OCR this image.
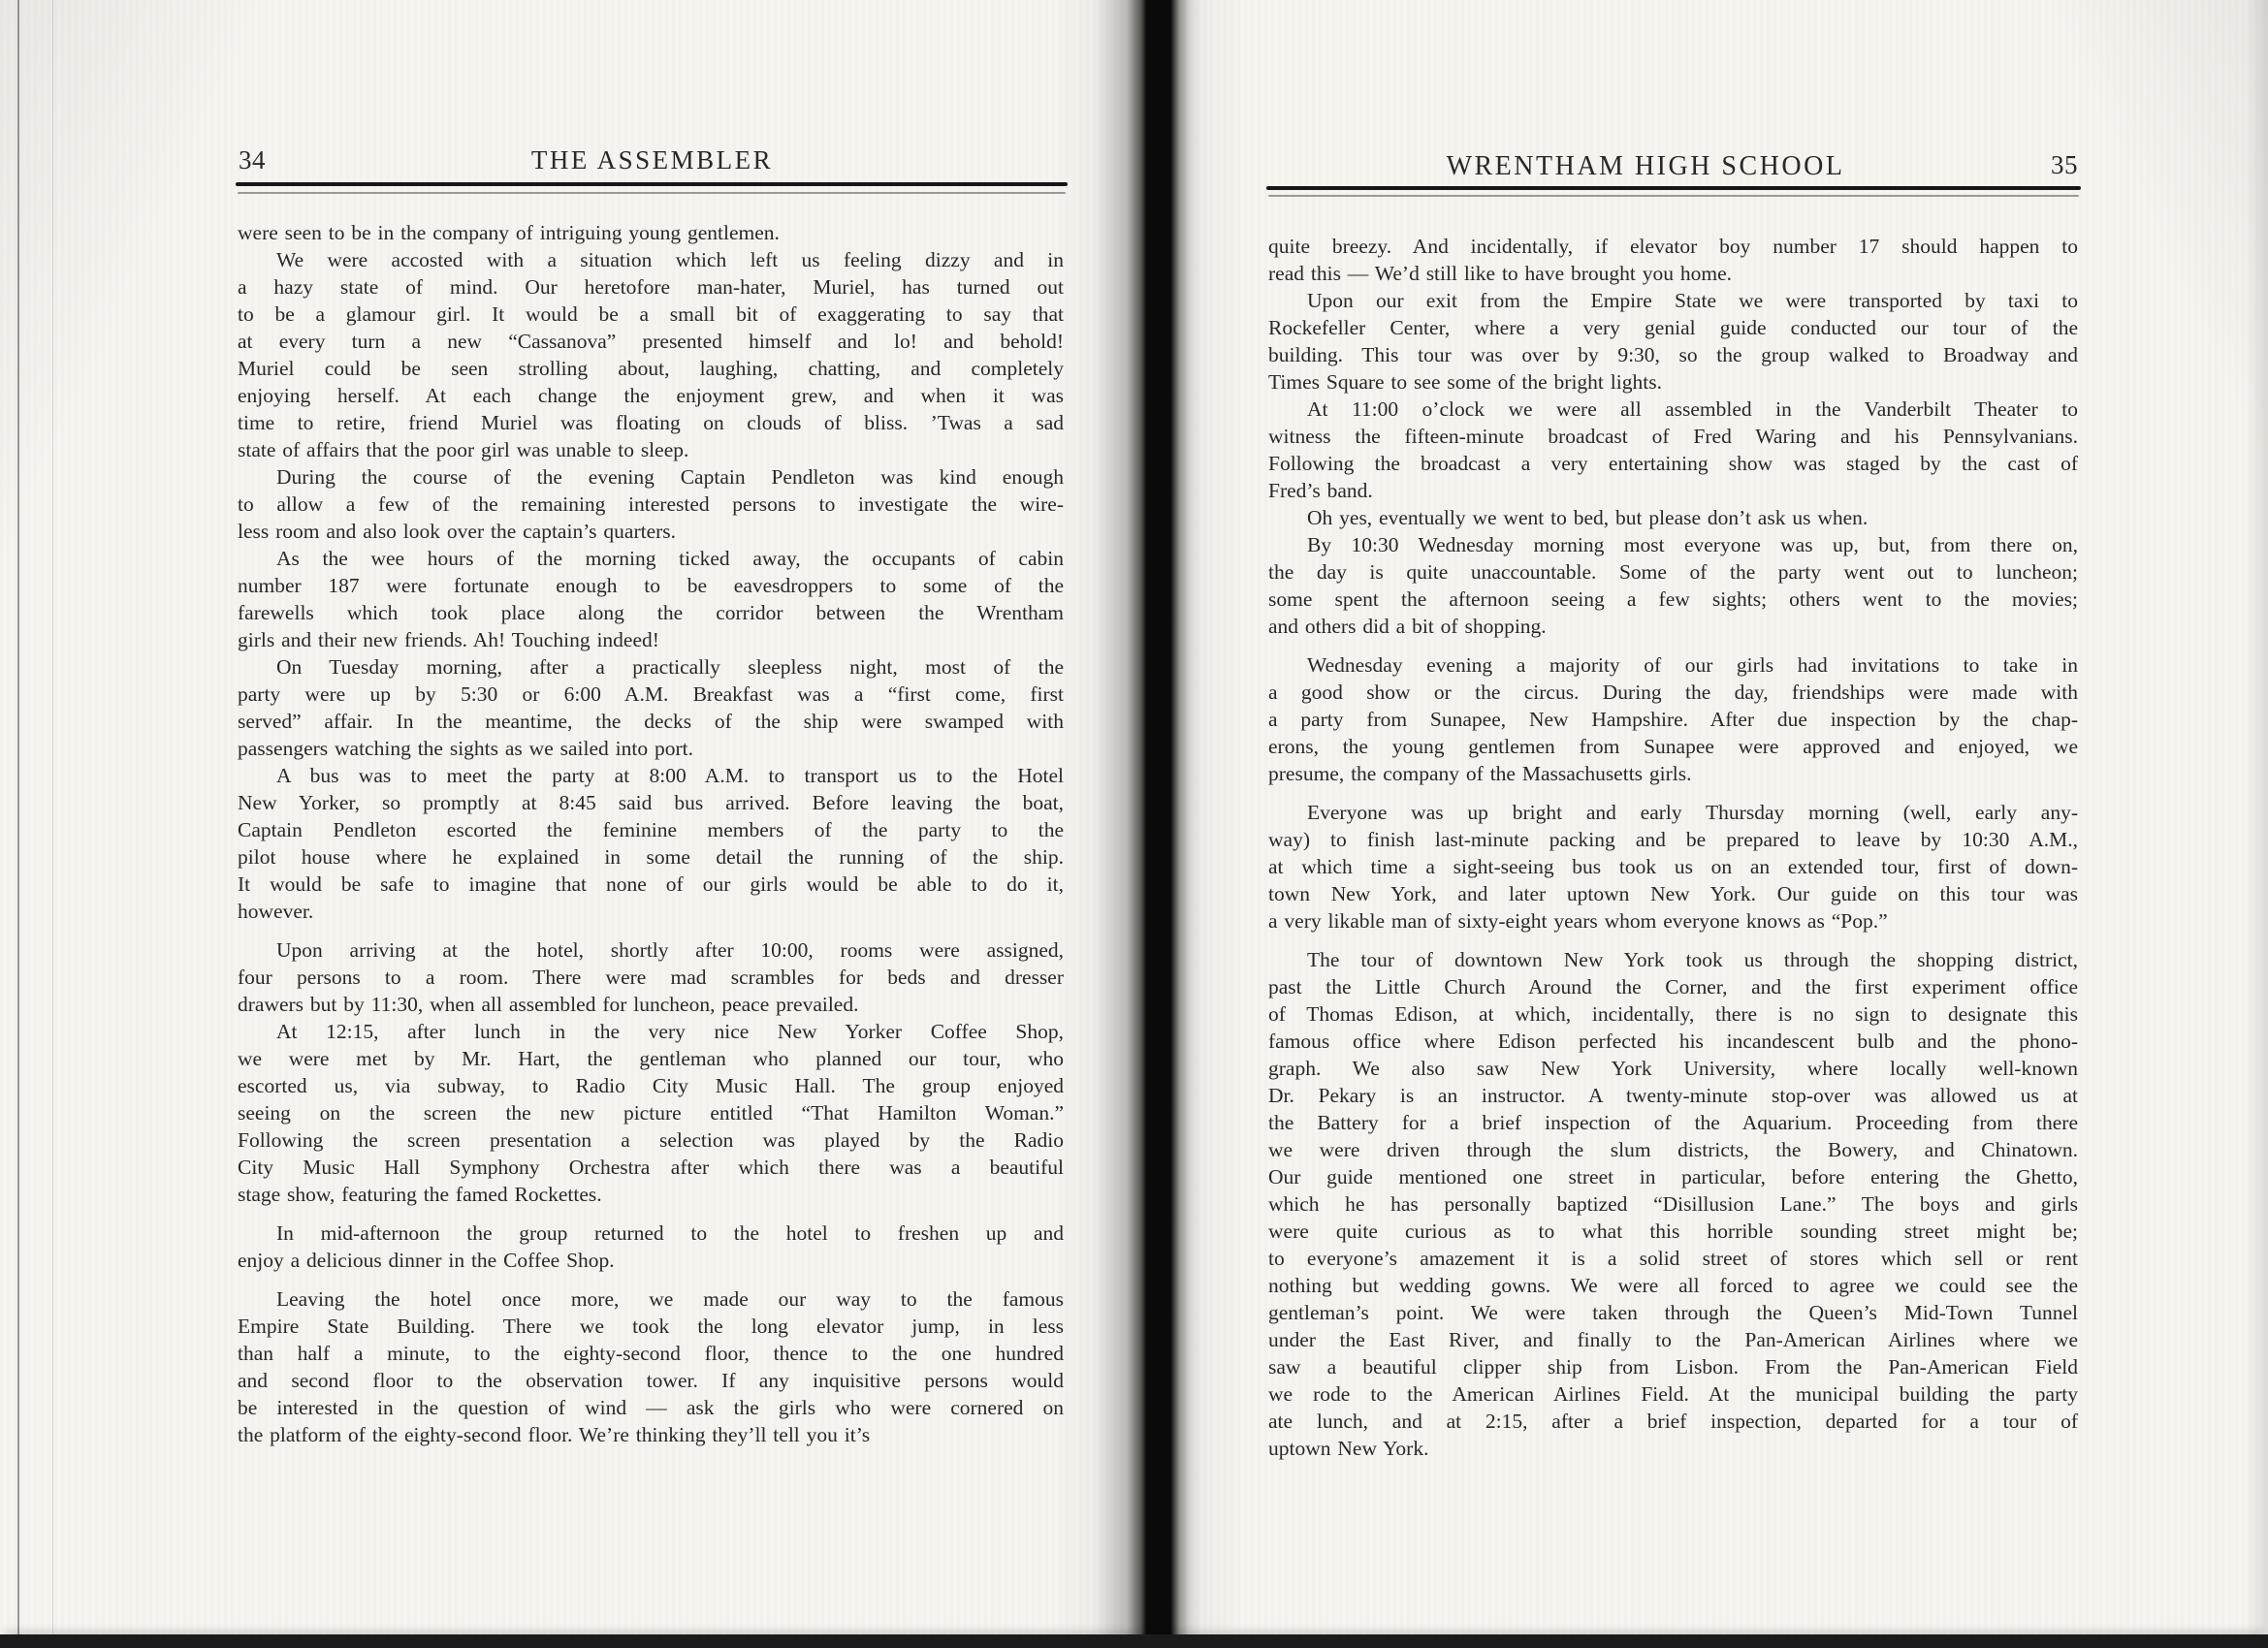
34	THE ASSEMBLER
were seen to be in the company of intriguing young gentlemen.
We were accosted with a situation which left us feeling dizzy and in
a hazy state of mind. Our heretofore man-hater, Muriel, has turned out
to be a glamour girl. It would be a small bit of exaggerating to say that
at every turn a new “Cassanova” presented himself and lo! and behold!
Muriel could be seen strolling about, laughing, chatting, and completely
enjoying herself. At each change the enjoyment grew, and when it was
time to retire, friend Muriel was floating on clouds of bliss. ’Twas a sad
state of affairs that the poor girl was unable to sleep.
During the course of the evening Captain Pendleton was kind enough
to allow a few of the remaining interested persons to investigate the wire-
less room and also look over the captain’s quarters.
As the wee hours of the morning ticked away, the occupants of cabin
number 187 were fortunate enough to be eavesdroppers to some of the
farewells which took place along the corridor between the Wrentham
girls and their new friends. Ah! Touching indeed!
On Tuesday morning, after a practically sleepless night, most of the
party were up by 5:30 or 6:00 A.M. Breakfast was a “first come, first
served” affair. In the meantime, the decks of the ship were swamped with
passengers watching the sights as we sailed into port.
A bus was to meet the party at 8:00 A.M. to transport us to the Hotel
New Yorker, so promptly at 8:45 said bus arrived. Before leaving the boat,
Captain Pendleton escorted the feminine members of the party to the
pilot house where he explained in some detail the running of the ship.
It would be safe to imagine that none of our girls would be able to do it,
however.
Upon arriving at the hotel, shortly after 10:00, rooms were assigned,
four persons to a room. There were mad scrambles for beds and dresser
drawers but by 11:30, when all assembled for luncheon, peace prevailed.
At 12:15, after lunch in the very nice New Yorker Coffee Shop,
we were met by Mr. Hart, the gentleman who planned our tour, who
escorted us, via subway, to Radio City Music Hall. The group enjoyed
seeing on the screen the new picture entitled “That Hamilton Woman.”
Following the screen presentation a selection was played by the Radio
City Music Hall Symphony Orchestra after which there was a beautiful
stage show, featuring the famed Rockettes.
In mid-afternoon the group returned to the hotel to freshen up and
enjoy a delicious dinner in the Coffee Shop.
Leaving the hotel once more, we made our way to the famous
Empire State Building. There we took the long elevator jump, in less
than half a minute, to the eighty-second floor, thence to the one hundred
and second floor to the observation tower. If any inquisitive persons would
be interested in the question of wind — ask the girls who were cornered on
the platform of the eighty-second floor. We’re thinking they’ll tell you it’s
WRENTHAM HIGH SCHOOL	35
quite breezy. And incidentally, if elevator boy number 17 should happen to
read this — We’d still like to have brought you home.
Upon our exit from the Empire State we were transported by taxi to
Rockefeller Center, where a very genial guide conducted our tour of the
building. This tour was over by 9:30, so the group walked to Broadway and
Times Square to see some of the bright lights.
At 11:00 o’clock we were all assembled in the Vanderbilt Theater to
witness the fifteen-minute broadcast of Fred Waring and his Pennsylvanians.
Following the broadcast a very entertaining show was staged by the cast of
Fred’s band.
Oh yes, eventually we went to bed, but please don’t ask us when.
By 10:30 Wednesday morning most everyone was up, but, from there on,
the day is quite unaccountable. Some of the party went out to luncheon;
some spent the afternoon seeing a few sights; others went to the movies;
and others did a bit of shopping.
Wednesday evening a majority of our girls had invitations to take in
a good show or the circus. During the day, friendships were made with
a party from Sunapee, New Hampshire. After due inspection by the chap-
erons, the young gentlemen from Sunapee were approved and enjoyed, we
presume, the company of the Massachusetts girls.
Everyone was up bright and early Thursday morning (well, early any-
way) to finish last-minute packing and be prepared to leave by 10:30 A.M.,
at which time a sight-seeing bus took us on an extended tour, first of down-
town New York, and later uptown New York. Our guide on this tour was
a very likable man of sixty-eight years whom everyone knows as “Pop.”
The tour of downtown New York took us through the shopping district,
past the Little Church Around the Corner, and the first experiment office
of Thomas Edison, at which, incidentally, there is no sign to designate this
famous office where Edison perfected his incandescent bulb and the phono-
graph. We also saw New York University, where locally well-known
Dr. Pekary is an instructor. A twenty-minute stop-over was allowed us at
the Battery for a brief inspection of the Aquarium. Proceeding from there
we were driven through the slum districts, the Bowery, and Chinatown.
Our guide mentioned one street in particular, before entering the Ghetto,
which he has personally baptized “Disillusion Lane.” The boys and girls
were quite curious as to what this horrible sounding street might be;
to everyone’s amazement it is a solid street of stores which sell or rent
nothing but wedding gowns. We were all forced to agree we could see the
gentleman’s point. We were taken through the Queen’s Mid-Town Tunnel
under the East River, and finally to the Pan-American Airlines where we
saw a beautiful clipper ship from Lisbon. From the Pan-American Field
we rode to the American Airlines Field. At the municipal building the party
ate lunch, and at 2:15, after a brief inspection, departed for a tour of
uptown New York.
